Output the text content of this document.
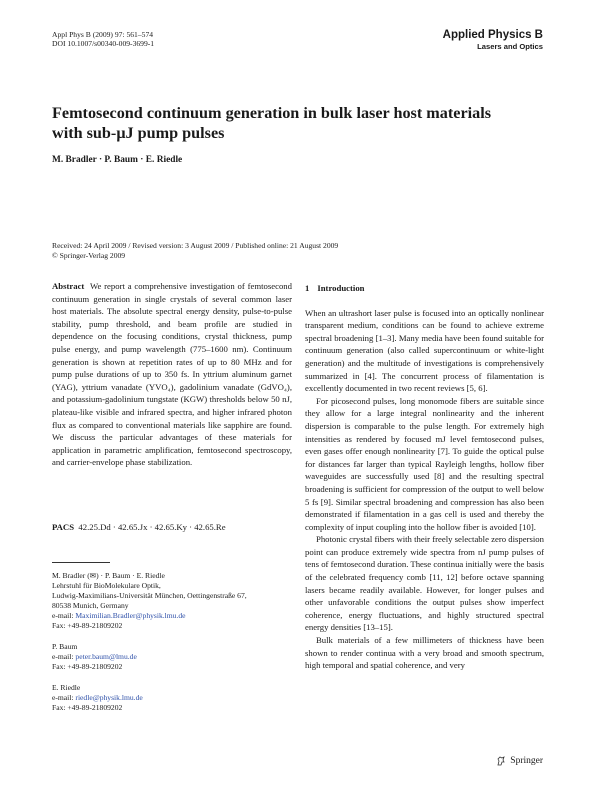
Appl Phys B (2009) 97: 561–574
DOI 10.1007/s00340-009-3699-1
Applied Physics B
Lasers and Optics
Femtosecond continuum generation in bulk laser host materials with sub-μJ pump pulses
M. Bradler · P. Baum · E. Riedle
Received: 24 April 2009 / Revised version: 3 August 2009 / Published online: 21 August 2009
© Springer-Verlag 2009
Abstract We report a comprehensive investigation of femtosecond continuum generation in single crystals of several common laser host materials. The absolute spectral energy density, pulse-to-pulse stability, pump threshold, and beam profile are studied in dependence on the focusing conditions, crystal thickness, pump pulse energy, and pump wavelength (775–1600 nm). Continuum generation is shown at repetition rates of up to 80 MHz and for pump pulse durations of up to 350 fs. In yttrium aluminum garnet (YAG), yttrium vanadate (YVO₄), gadolinium vanadate (GdVO₄), and potassium-gadolinium tungstate (KGW) thresholds below 50 nJ, plateau-like visible and infrared spectra, and higher infrared photon flux as compared to conventional materials like sapphire are found. We discuss the particular advantages of these materials for application in parametric amplification, femtosecond spectroscopy, and carrier-envelope phase stabilization.
PACS 42.25.Dd · 42.65.Jx · 42.65.Ky · 42.65.Re
M. Bradler (✉) · P. Baum · E. Riedle
Lehrstuhl für BioMolekulare Optik,
Ludwig-Maximilians-Universität München, Oettingenstraße 67,
80538 Munich, Germany
e-mail: Maximilian.Bradler@physik.lmu.de
Fax: +49-89-21809202
P. Baum
e-mail: peter.baum@lmu.de
Fax: +49-89-21809202
E. Riedle
e-mail: riedle@physik.lmu.de
Fax: +49-89-21809202
1 Introduction

When an ultrashort laser pulse is focused into an optically nonlinear transparent medium, conditions can be found to achieve extreme spectral broadening [1–3]. Many media have been found suitable for continuum generation (also called supercontinuum or white-light generation) and the multitude of investigations is comprehensively summarized in [4]. The concurrent process of filamentation is excellently documented in two recent reviews [5, 6].

For picosecond pulses, long monomode fibers are suitable since they allow for a large integral nonlinearity and the inherent dispersion is comparable to the pulse length. For extremely high intensities as rendered by focused mJ level femtosecond pulses, even gases offer enough nonlinearity [7]. To guide the optical pulse for distances far larger than typical Rayleigh lengths, hollow fiber waveguides are successfully used [8] and the resulting spectral broadening is sufficient for compression of the output to well below 5 fs [9]. Similar spectral broadening and compression has also been demonstrated if filamentation in a gas cell is used and thereby the complexity of input coupling into the hollow fiber is avoided [10].

Photonic crystal fibers with their freely selectable zero dispersion point can produce extremely wide spectra from nJ pump pulses of tens of femtosecond duration. These continua initially were the basis of the celebrated frequency comb [11, 12] before octave spanning lasers became readily available. However, for longer pulses and other unfavorable conditions the output pulses show imperfect coherence, energy fluctuations, and highly structured spectral energy densities [13–15].

Bulk materials of a few millimeters of thickness have been shown to render continua with a very broad and smooth spectrum, high temporal and spatial coherence, and very

Springer
